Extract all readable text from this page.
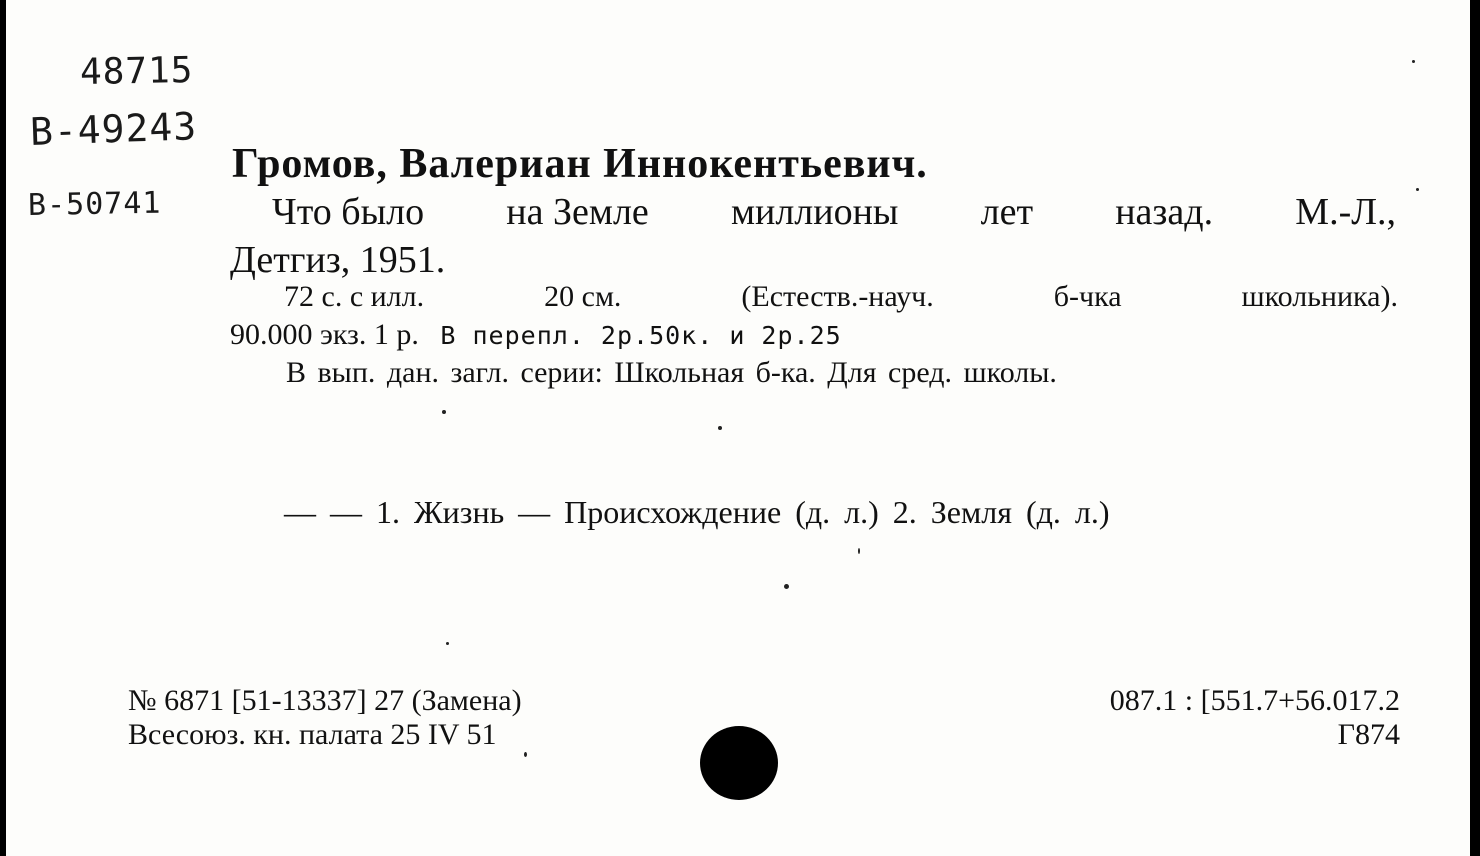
48715
B-49243
B-50741
Громов, Валериан Иннокентьевич.
Что было на Земле миллионы лет назад. М.-Л.,
Детгиз, 1951.
72 с. с илл.	20 см.	(Естеств.-науч.	б-чка	школьника).
90.000 экз. 1 р. В перепл. 2р.50к. и 2р.25
В вып. дан. загл. серии: Школьная б-ка. Для сред. школы.
— — 1. Жизнь — Происхождение (д. л.) 2. Земля (д. л.)
№ 6871 [51-13337] 27 (Замена)
Всесоюз. кн. палата 25 IV 51
087.1 : [551.7+56.017.2
Г874
